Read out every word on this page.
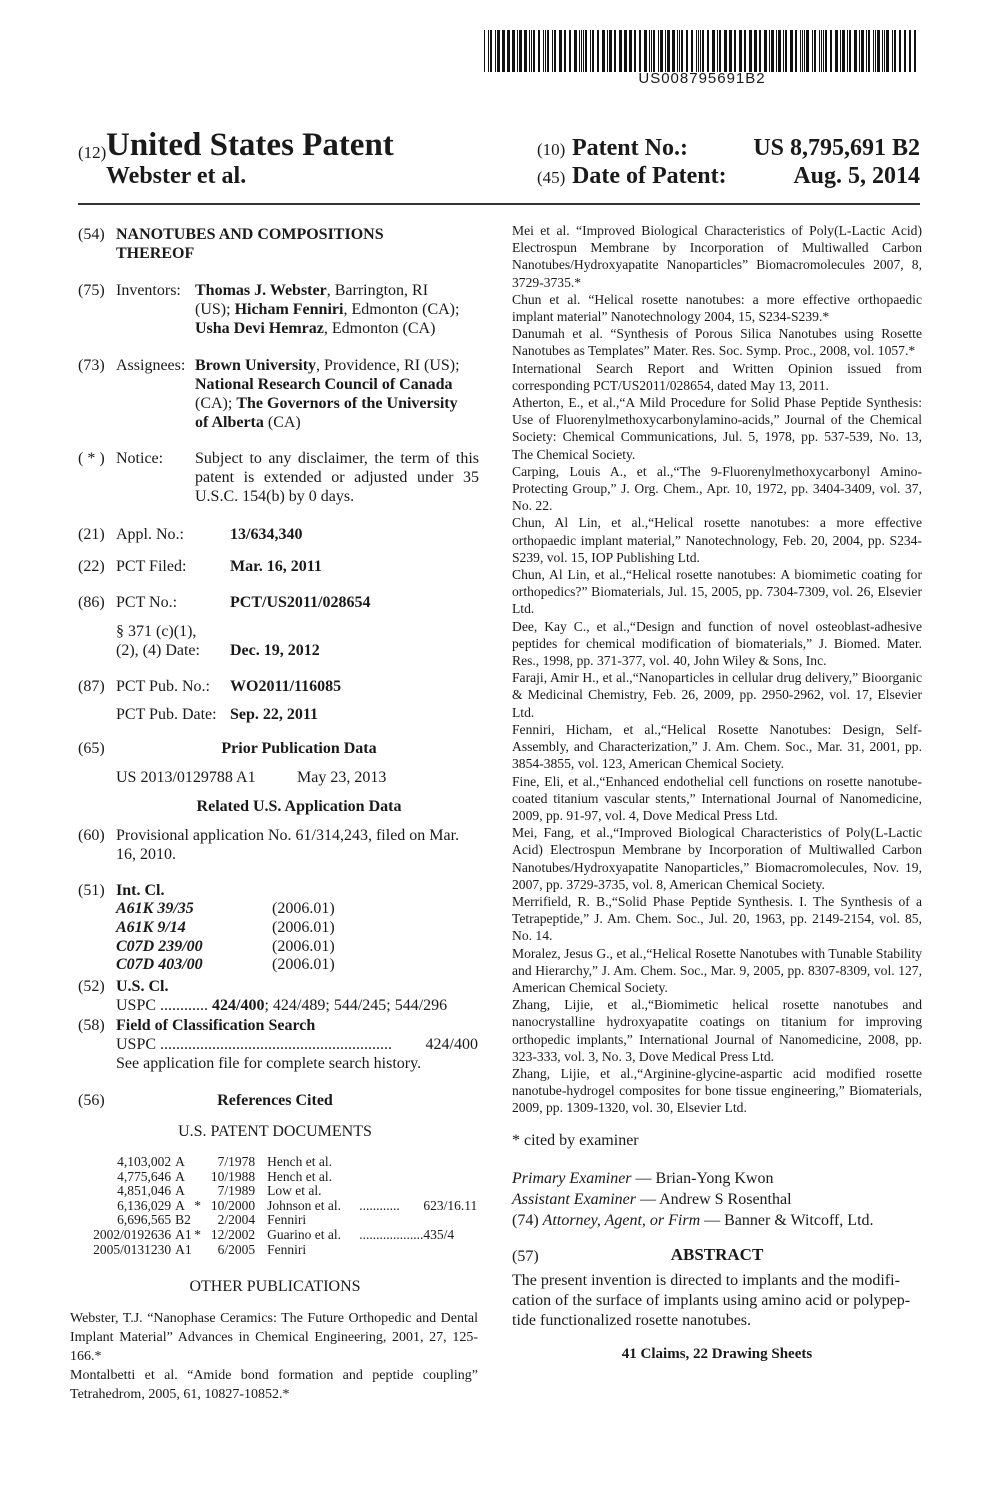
US008795691B2
(12) United States Patent
Webster et al.
(10) Patent No.:	US 8,795,691 B2
(45) Date of Patent:	Aug. 5, 2014
(54) NANOTUBES AND COMPOSITIONS
THEREOF
(75) Inventors: Thomas J. Webster, Barrington, RI
(US); Hicham Fenniri, Edmonton (CA);
Usha Devi Hemraz, Edmonton (CA)
(73) Assignees: Brown University, Providence, RI (US);
National Research Council of Canada
(CA); The Governors of the University
of Alberta (CA)
( * ) Notice: Subject to any disclaimer, the term of this
patent is extended or adjusted under 35
U.S.C. 154(b) by 0 days.
(21) Appl. No.:	13/634,340
(22) PCT Filed:	Mar. 16, 2011
(86) PCT No.:	PCT/US2011/028654
§ 371 (c)(1),
(2), (4) Date: Dec. 19, 2012
(87) PCT Pub. No.: WO2011/116085
PCT Pub. Date: Sep. 22, 2011
(65)	Prior Publication Data
US 2013/0129788 A1	May 23, 2013
Related U.S. Application Data
(60) Provisional application No. 61/314,243, filed on Mar.
16, 2010.
(51) Int. Cl.
A61K 39/35	(2006.01)
A61K 9/14	(2006.01)
C07D 239/00	(2006.01)
C07D 403/00	(2006.01)
(52) U.S. Cl.
USPC ............ 424/400; 424/489; 544/245; 544/296
(58) Field of Classification Search
USPC ..........................................................	424/400
See application file for complete search history.
(56)	References Cited
U.S. PATENT DOCUMENTS
4,103,002	A		7/1978	Hench et al.		
4,775,646	A		10/1988	Hench et al.		
4,851,046	A		7/1989	Low et al.		
6,136,029	A	*	10/2000	Johnson et al.	............	623/16.11
6,696,565	B2		2/2004	Fenniri		
2002/0192636	A1	*	12/2002	Guarino et al.	...................	435/4
2005/0131230	A1		6/2005	Fenniri		
OTHER PUBLICATIONS

Webster, T.J. “Nanophase Ceramics: The Future Orthopedic and Dental Implant Material” Advances in Chemical Engineering, 2001, 27, 125-166.*

Montalbetti et al. “Amide bond formation and peptide coupling” Tetrahedrom, 2005, 61, 10827-10852.*

Mei et al. “Improved Biological Characteristics of Poly(L-Lactic Acid) Electrospun Membrane by Incorporation of Multiwalled Carbon Nanotubes/Hydroxyapatite Nanoparticles” Biomacromolecules 2007, 8, 3729-3735.*

Chun et al. “Helical rosette nanotubes: a more effective orthopaedic implant material” Nanotechnology 2004, 15, S234-S239.*

Danumah et al. “Synthesis of Porous Silica Nanotubes using Rosette Nanotubes as Templates” Mater. Res. Soc. Symp. Proc., 2008, vol. 1057.*

International Search Report and Written Opinion issued from corresponding PCT/US2011/028654, dated May 13, 2011.

Atherton, E., et al.,“A Mild Procedure for Solid Phase Peptide Synthesis: Use of Fluorenylmethoxycarbonylamino-acids,” Journal of the Chemical Society: Chemical Communications, Jul. 5, 1978, pp. 537-539, No. 13, The Chemical Society.

Carping, Louis A., et al.,“The 9-Fluorenylmethoxycarbonyl Amino-Protecting Group,” J. Org. Chem., Apr. 10, 1972, pp. 3404-3409, vol. 37, No. 22.

Chun, Al Lin, et al.,“Helical rosette nanotubes: a more effective orthopaedic implant material,” Nanotechnology, Feb. 20, 2004, pp. S234-S239, vol. 15, IOP Publishing Ltd.

Chun, Al Lin, et al.,“Helical rosette nanotubes: A biomimetic coating for orthopedics?” Biomaterials, Jul. 15, 2005, pp. 7304-7309, vol. 26, Elsevier Ltd.

Dee, Kay C., et al.,“Design and function of novel osteoblast-adhesive peptides for chemical modification of biomaterials,” J. Biomed. Mater. Res., 1998, pp. 371-377, vol. 40, John Wiley & Sons, Inc.

Faraji, Amir H., et al.,“Nanoparticles in cellular drug delivery,” Bioorganic & Medicinal Chemistry, Feb. 26, 2009, pp. 2950-2962, vol. 17, Elsevier Ltd.

Fenniri, Hicham, et al.,“Helical Rosette Nanotubes: Design, Self-Assembly, and Characterization,” J. Am. Chem. Soc., Mar. 31, 2001, pp. 3854-3855, vol. 123, American Chemical Society.

Fine, Eli, et al.,“Enhanced endothelial cell functions on rosette nanotube-coated titanium vascular stents,” International Journal of Nanomedicine, 2009, pp. 91-97, vol. 4, Dove Medical Press Ltd.

Mei, Fang, et al.,“Improved Biological Characteristics of Poly(L-Lactic Acid) Electrospun Membrane by Incorporation of Multiwalled Carbon Nanotubes/Hydroxyapatite Nanoparticles,” Biomacromolecules, Nov. 19, 2007, pp. 3729-3735, vol. 8, American Chemical Society.

Merrifield, R. B.,“Solid Phase Peptide Synthesis. I. The Synthesis of a Tetrapeptide,” J. Am. Chem. Soc., Jul. 20, 1963, pp. 2149-2154, vol. 85, No. 14.

Moralez, Jesus G., et al.,“Helical Rosette Nanotubes with Tunable Stability and Hierarchy,” J. Am. Chem. Soc., Mar. 9, 2005, pp. 8307-8309, vol. 127, American Chemical Society.

Zhang, Lijie, et al.,“Biomimetic helical rosette nanotubes and nanocrystalline hydroxyapatite coatings on titanium for improving orthopedic implants,” International Journal of Nanomedicine, 2008, pp. 323-333, vol. 3, No. 3, Dove Medical Press Ltd.

Zhang, Lijie, et al.,“Arginine-glycine-aspartic acid modified rosette nanotube-hydrogel composites for bone tissue engineering,” Biomaterials, 2009, pp. 1309-1320, vol. 30, Elsevier Ltd.

* cited by examiner
Primary Examiner — Brian-Yong Kwon
Assistant Examiner — Andrew S Rosenthal
(74) Attorney, Agent, or Firm — Banner & Witcoff, Ltd.
(57)	ABSTRACT
The present invention is directed to implants and the modifi-
cation of the surface of implants using amino acid or polypep-
tide functionalized rosette nanotubes.
41 Claims, 22 Drawing Sheets
